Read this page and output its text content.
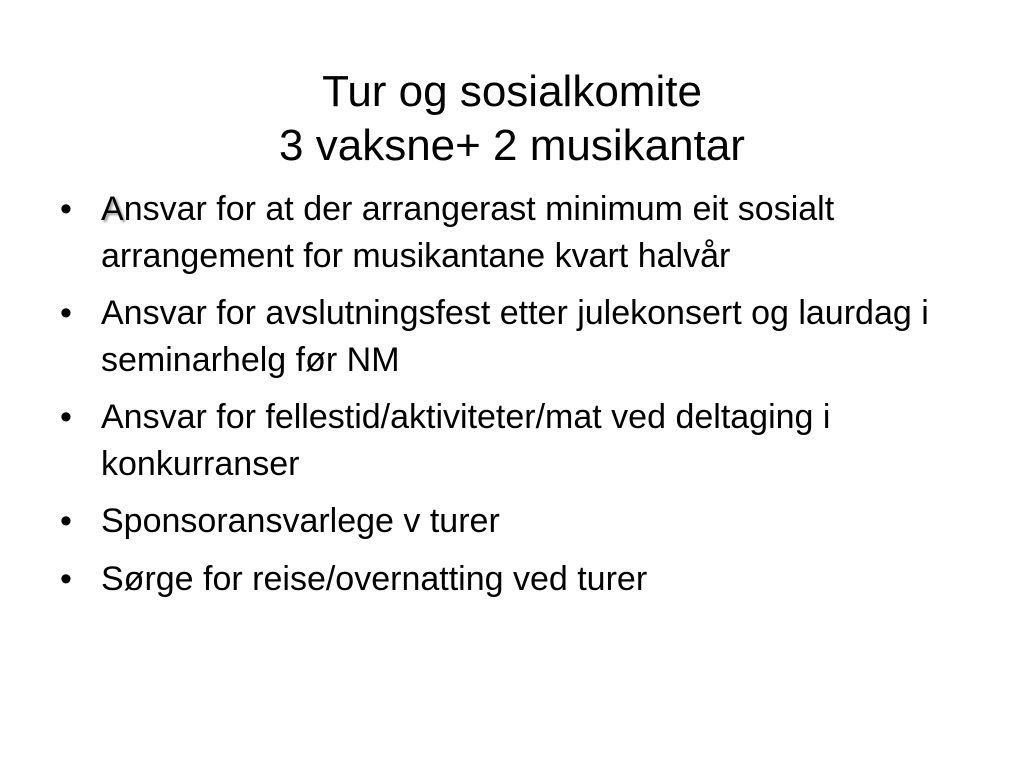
Tur og sosialkomite
3 vaksne+ 2 musikantar
• Ansvar for at der arrangerast minimum eit sosialt arrangement for musikantane kvart halvår
• Ansvar for avslutningsfest etter julekonsert og laurdag i seminarhelg før NM
• Ansvar for fellestid/aktiviteter/mat ved deltaging i konkurranser
• Sponsoransvarlege v turer
• Sørge for reise/overnatting ved turer
